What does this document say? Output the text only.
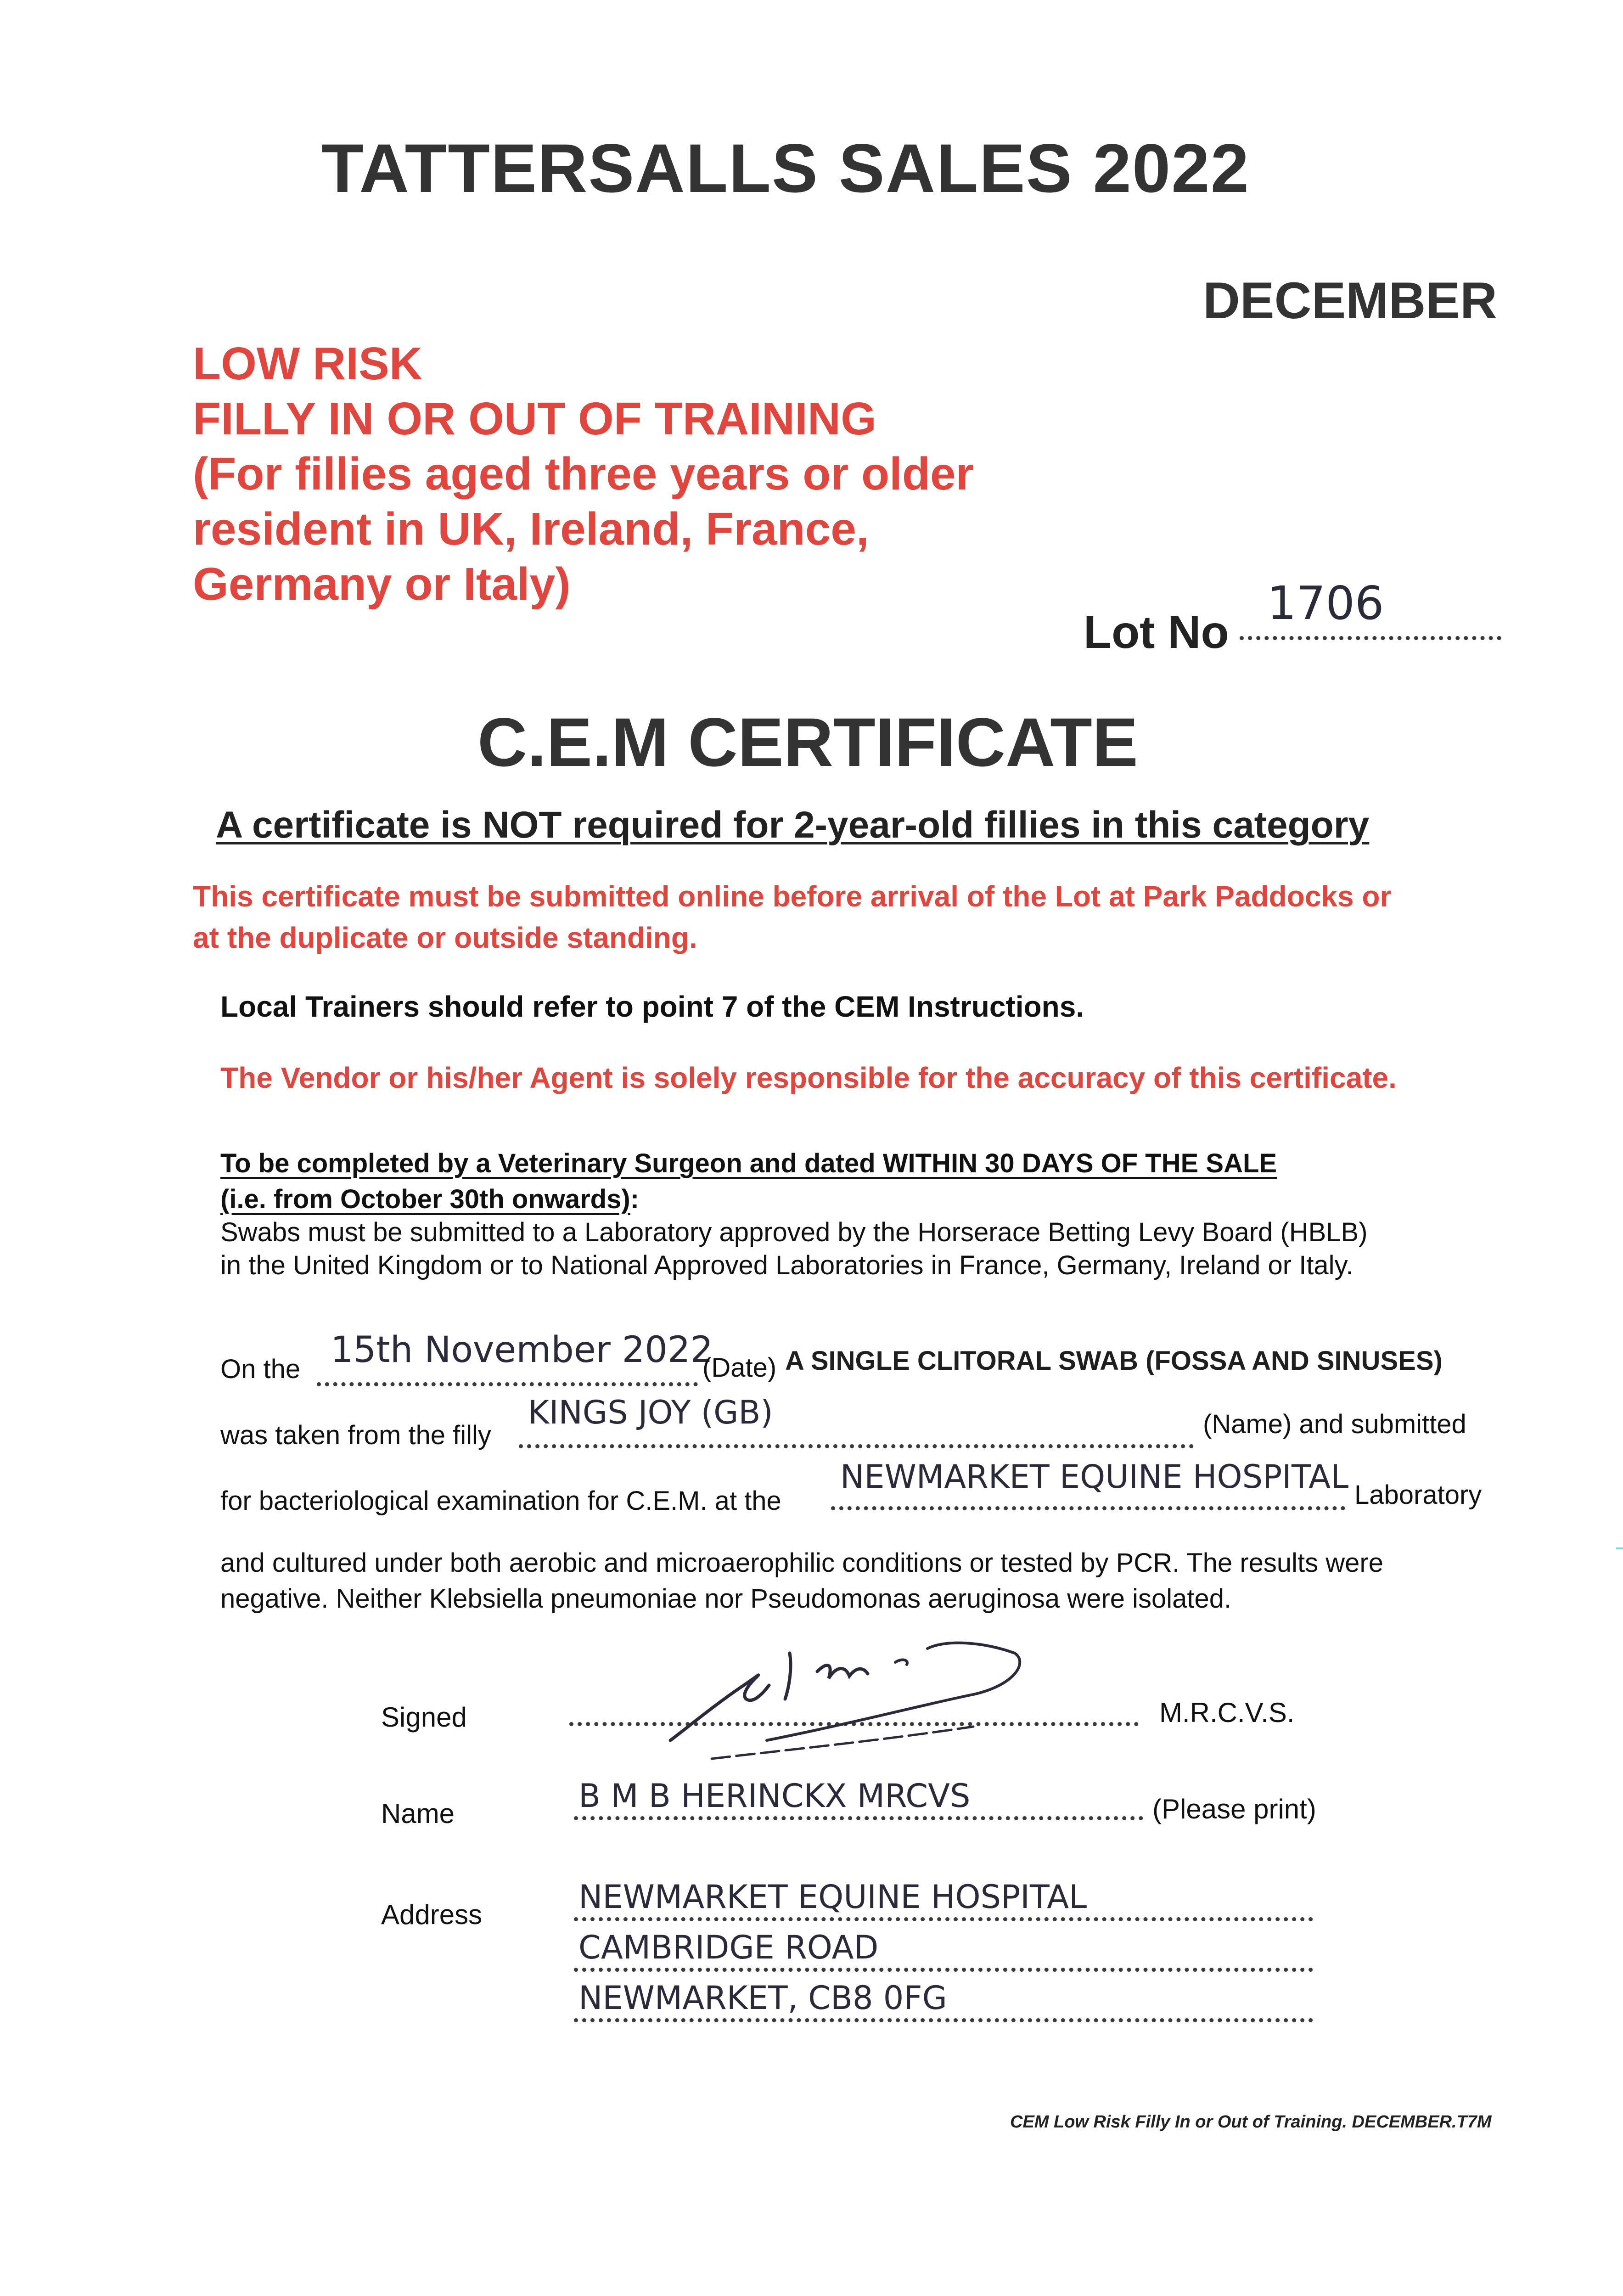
TATTERSALLS SALES 2022
DECEMBER
LOW RISK
FILLY IN OR OUT OF TRAINING
(For fillies aged three years or older
resident in UK, Ireland, France,
Germany or Italy)
Lot No
1706
C.E.M CERTIFICATE
A certificate is NOT required for 2-year-old fillies in this category
This certificate must be submitted online before arrival of the Lot at Park Paddocks or
at the duplicate or outside standing.
Local Trainers should refer to point 7 of the CEM Instructions.
The Vendor or his/her Agent is solely responsible for the accuracy of this certificate.
To be completed by a Veterinary Surgeon and dated WITHIN 30 DAYS OF THE SALE
(i.e. from October 30th onwards):
Swabs must be submitted to a Laboratory approved by the Horserace Betting Levy Board (HBLB)
in the United Kingdom or to National Approved Laboratories in France, Germany, Ireland or Italy.
On the 15th November 2022
(Date) A SINGLE CLITORAL SWAB (FOSSA AND SINUSES)
was taken from the filly
KINGS JOY (GB)	(Name) and submitted
for bacteriological examination for C.E.M. at the
NEWMARKET EQUINE HOSPITAL Laboratory
and cultured under both aerobic and microaerophilic conditions or tested by PCR. The results were
negative. Neither Klebsiella pneumoniae nor Pseudomonas aeruginosa were isolated.
Signed	M.R.C.V.S.
Name	B M B HERINCKX MRCVS	(Please print)
Address	NEWMARKET EQUINE HOSPITAL
CAMBRIDGE ROAD
NEWMARKET, CB8 0FG
CEM Low Risk Filly In or Out of Training. DECEMBER.T7M
